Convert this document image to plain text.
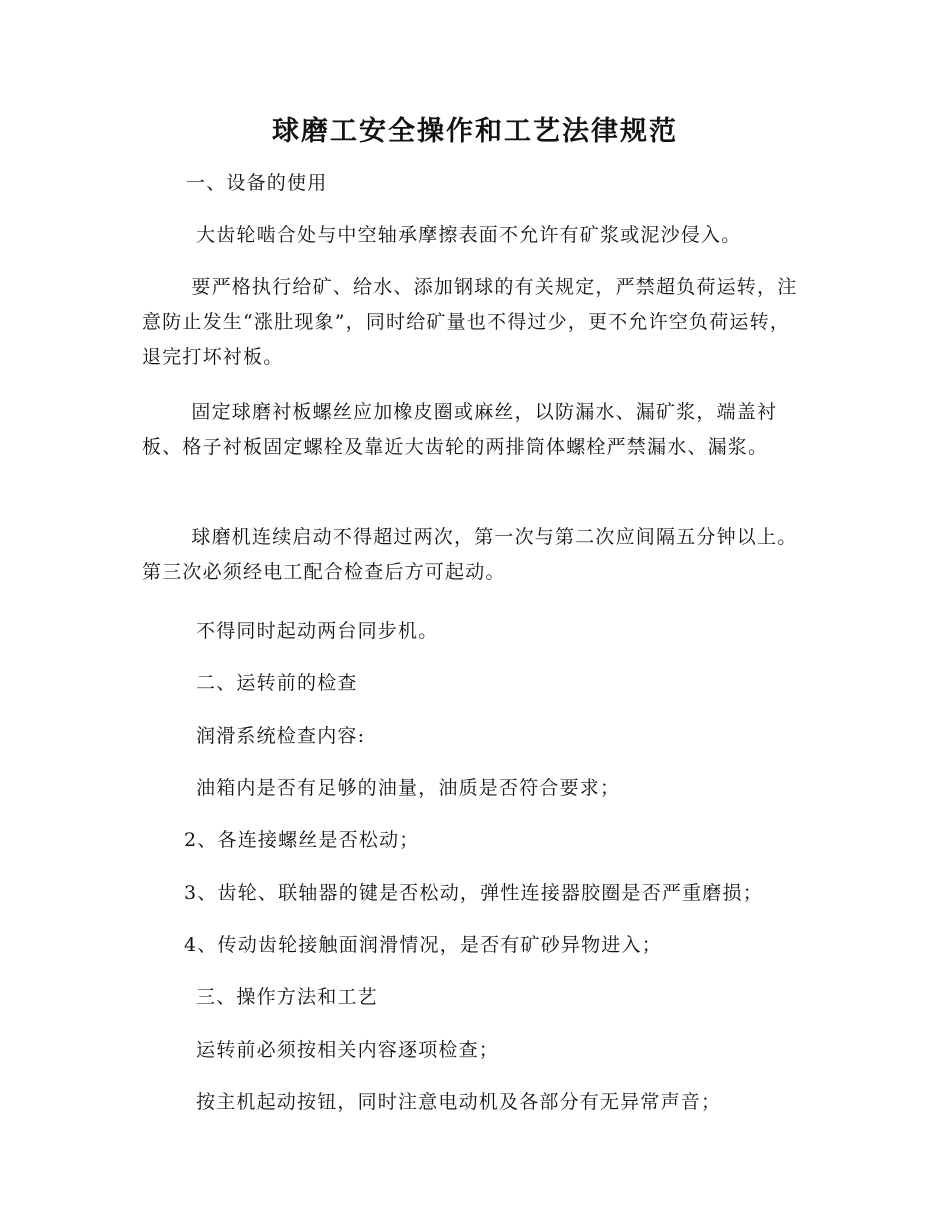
球磨工安全操作和工艺法律规范

一、设备的使用

大齿轮啮合处与中空轴承摩擦表面不允许有矿浆或泥沙侵入。

要严格执行给矿、给水、添加钢球的有关规定，严禁超负荷运转，注意防止发生“涨肚现象”，同时给矿量也不得过少，更不允许空负荷运转，退完打坏衬板。

固定球磨衬板螺丝应加橡皮圈或麻丝，以防漏水、漏矿浆，端盖衬板、格子衬板固定螺栓及靠近大齿轮的两排筒体螺栓严禁漏水、漏浆。

球磨机连续启动不得超过两次，第一次与第二次应间隔五分钟以上。第三次必须经电工配合检查后方可起动。

不得同时起动两台同步机。

二、运转前的检查

润滑系统检查内容:

油箱内是否有足够的油量，油质是否符合要求；

2、各连接螺丝是否松动；

3、齿轮、联轴器的键是否松动，弹性连接器胶圈是否严重磨损；

4、传动齿轮接触面润滑情况，是否有矿砂异物进入；

三、操作方法和工艺

运转前必须按相关内容逐项检查；

按主机起动按钮，同时注意电动机及各部分有无异常声音；
